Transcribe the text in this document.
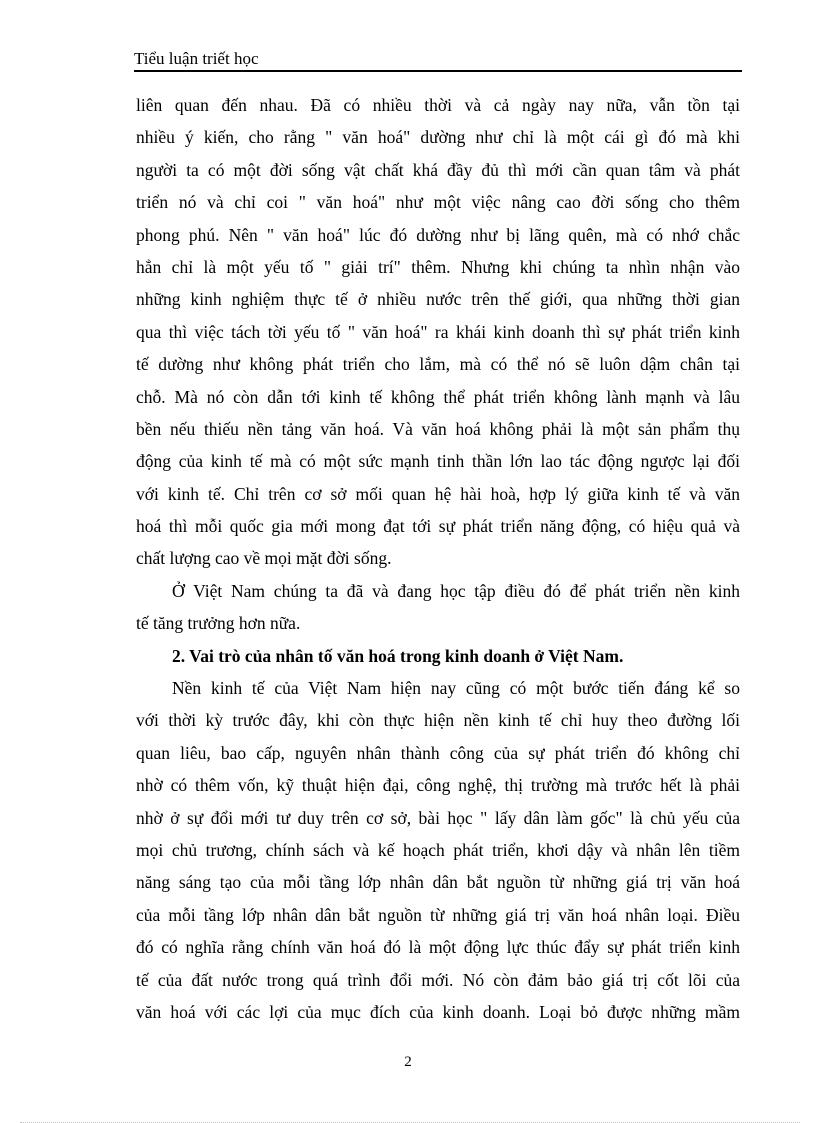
Tiểu luận triết học
liên quan đến nhau. Đã có nhiều thời và cả ngày nay nữa, vẫn tồn tại
nhiều ý kiến, cho rằng " văn hoá" dường như chỉ là một cái gì đó mà khi
người ta có một đời sống vật chất khá đầy đủ thì mới cần quan tâm và phát
triển nó và chỉ coi " văn hoá" như một việc nâng cao đời sống cho thêm
phong phú. Nên " văn hoá" lúc đó dường như bị lãng quên, mà có nhớ chắc
hẳn chỉ là một yếu tố " giải trí" thêm. Nhưng khi chúng ta nhìn nhận vào
những kinh nghiệm thực tế ở nhiều nước trên thế giới, qua những thời gian
qua thì việc tách tời yếu tố " văn hoá" ra khái kinh doanh thì sự phát triển kinh
tế dường như không phát triển cho lắm, mà có thể nó sẽ luôn dậm chân tại
chỗ. Mà nó còn dẫn tới kinh tế không thể phát triển không lành mạnh và lâu
bền nếu thiếu nền tảng văn hoá. Và văn hoá không phải là một sản phẩm thụ
động của kinh tế mà có một sức mạnh tinh thần lớn lao tác động ngược lại đối
với kinh tế. Chỉ trên cơ sở mối quan hệ hài hoà, hợp lý giữa kinh tế và văn
hoá thì mỗi quốc gia mới mong đạt tới sự phát triển năng động, có hiệu quả và
chất lượng cao về mọi mặt đời sống.
Ở Việt Nam chúng ta đã và đang học tập điều đó để phát triển nền kinh
tế tăng trưởng hơn nữa.
2. Vai trò của nhân tố văn hoá trong kinh doanh ở Việt Nam.
Nền kinh tế của Việt Nam hiện nay cũng có một bước tiến đáng kể so
với thời kỳ trước đây, khi còn thực hiện nền kinh tế chỉ huy theo đường lối
quan liêu, bao cấp, nguyên nhân thành công của sự phát triển đó không chỉ
nhờ có thêm vốn, kỹ thuật hiện đại, công nghệ, thị trường mà trước hết là phải
nhờ ở sự đổi mới tư duy trên cơ sở, bài học " lấy dân làm gốc" là chủ yếu của
mọi chủ trương, chính sách và kế hoạch phát triển, khơi dậy và nhân lên tiềm
năng sáng tạo của mỗi tầng lớp nhân dân bắt nguồn từ những giá trị văn hoá
của mỗi tầng lớp nhân dân bắt nguồn từ những giá trị văn hoá nhân loại. Điều
đó có nghĩa rằng chính văn hoá đó là một động lực thúc đẩy sự phát triển kinh
tế của đất nước trong quá trình đổi mới. Nó còn đảm bảo giá trị cốt lõi của
văn hoá với các lợi của mục đích của kinh doanh. Loại bỏ được những mầm
2
